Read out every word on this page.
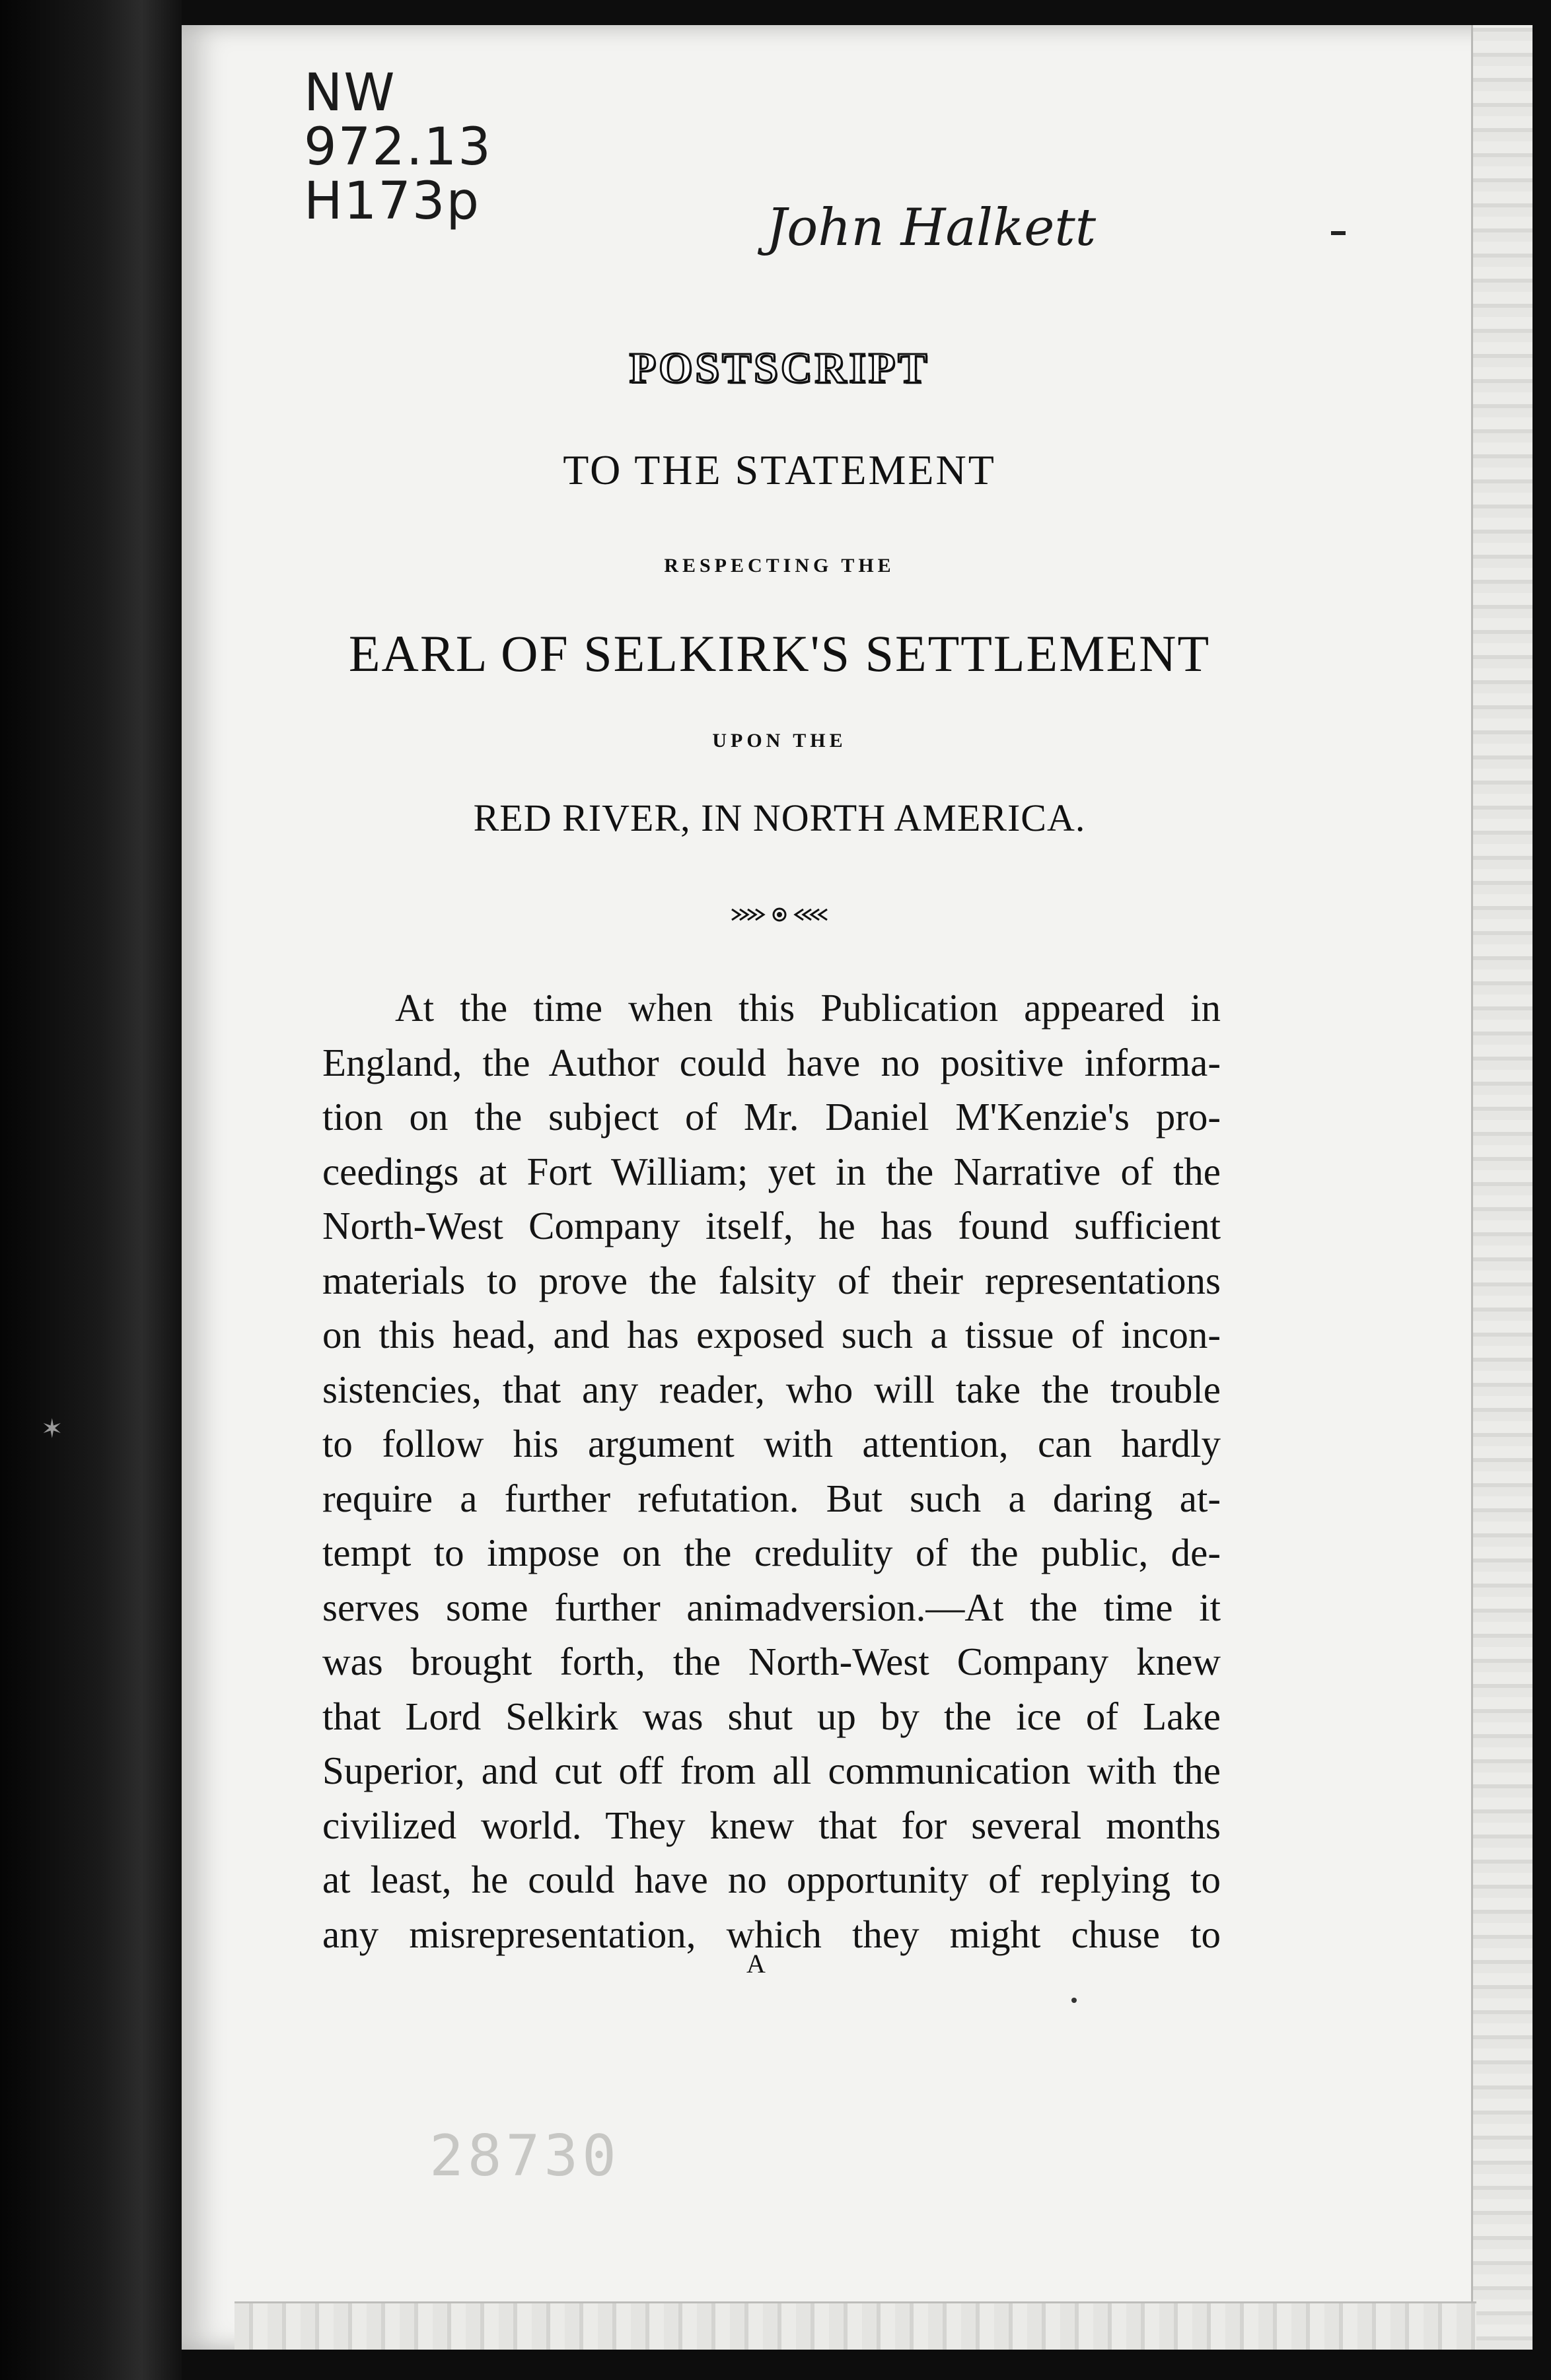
✶
NW
972.13
H173p	John Halkett
POSTSCRIPT
TO THE STATEMENT
RESPECTING THE
EARL OF SELKIRK'S SETTLEMENT
UPON THE
RED RIVER, IN NORTH AMERICA.
At the time when this Publication appeared in
England, the Author could have no positive informa-
tion on the subject of Mr. Daniel M'Kenzie's pro-
ceedings at Fort William; yet in the Narrative of the
North-West Company itself, he has found sufficient
materials to prove the falsity of their representations
on this head, and has exposed such a tissue of incon-
sistencies, that any reader, who will take the trouble
to follow his argument with attention, can hardly
require a further refutation. But such a daring at-
tempt to impose on the credulity of the public, de-
serves some further animadversion.—At the time it
was brought forth, the North-West Company knew
that Lord Selkirk was shut up by the ice of Lake
Superior, and cut off from all communication with the
civilized world. They knew that for several months
at least, he could have no opportunity of replying to
any misrepresentation, which they might chuse to
A
28730
